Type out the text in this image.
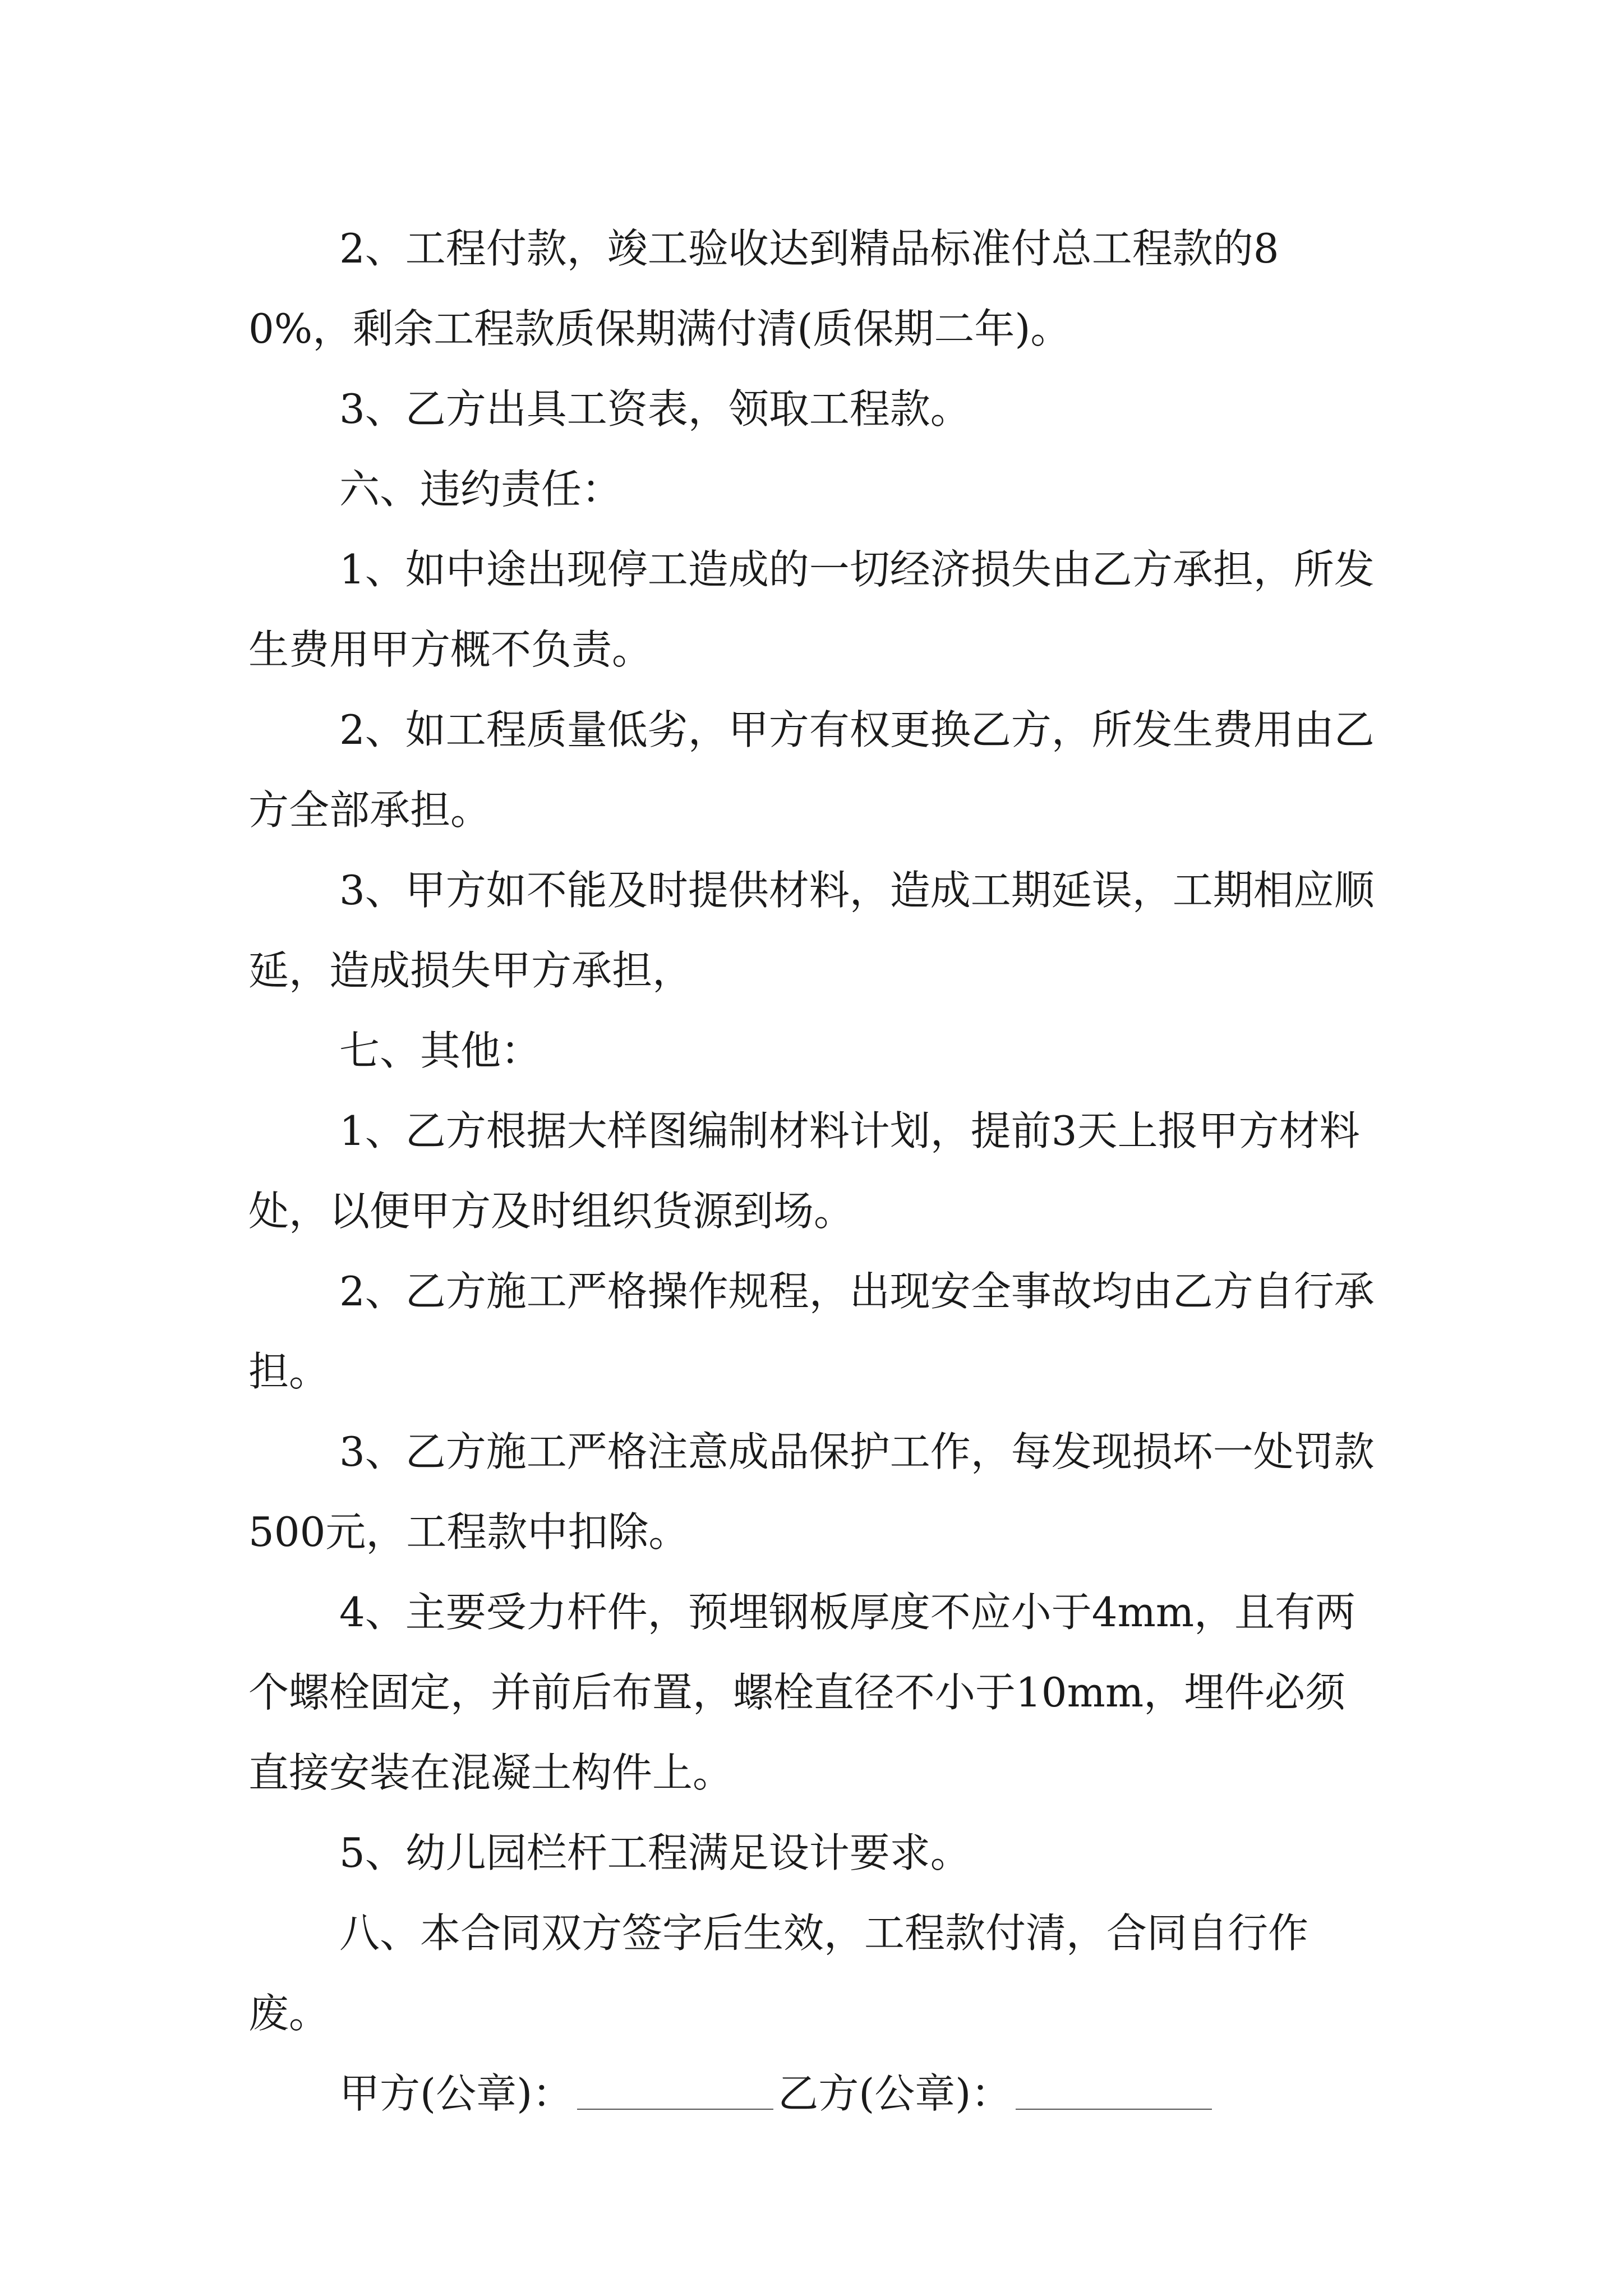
2、工程付款，竣工验收达到精品标准付总工程款的80%，剩余工程款质保期满付清(质保期二年)。

3、乙方出具工资表，领取工程款。

六、违约责任：

1、如中途出现停工造成的一切经济损失由乙方承担，所发生费用甲方概不负责。

2、如工程质量低劣，甲方有权更换乙方，所发生费用由乙方全部承担。

3、甲方如不能及时提供材料，造成工期延误，工期相应顺延，造成损失甲方承担，

七、其他：

1、乙方根据大样图编制材料计划，提前3天上报甲方材料处，以便甲方及时组织货源到场。

2、乙方施工严格操作规程，出现安全事故均由乙方自行承担。

3、乙方施工严格注意成品保护工作，每发现损坏一处罚款500元，工程款中扣除。

4、主要受力杆件，预埋钢板厚度不应小于4mm，且有两个螺栓固定，并前后布置，螺栓直径不小于10mm，埋件必须直接安装在混凝土构件上。

5、幼儿园栏杆工程满足设计要求。

八、本合同双方签字后生效，工程款付清，合同自行作废。

甲方(公章)：	乙方(公章)：
